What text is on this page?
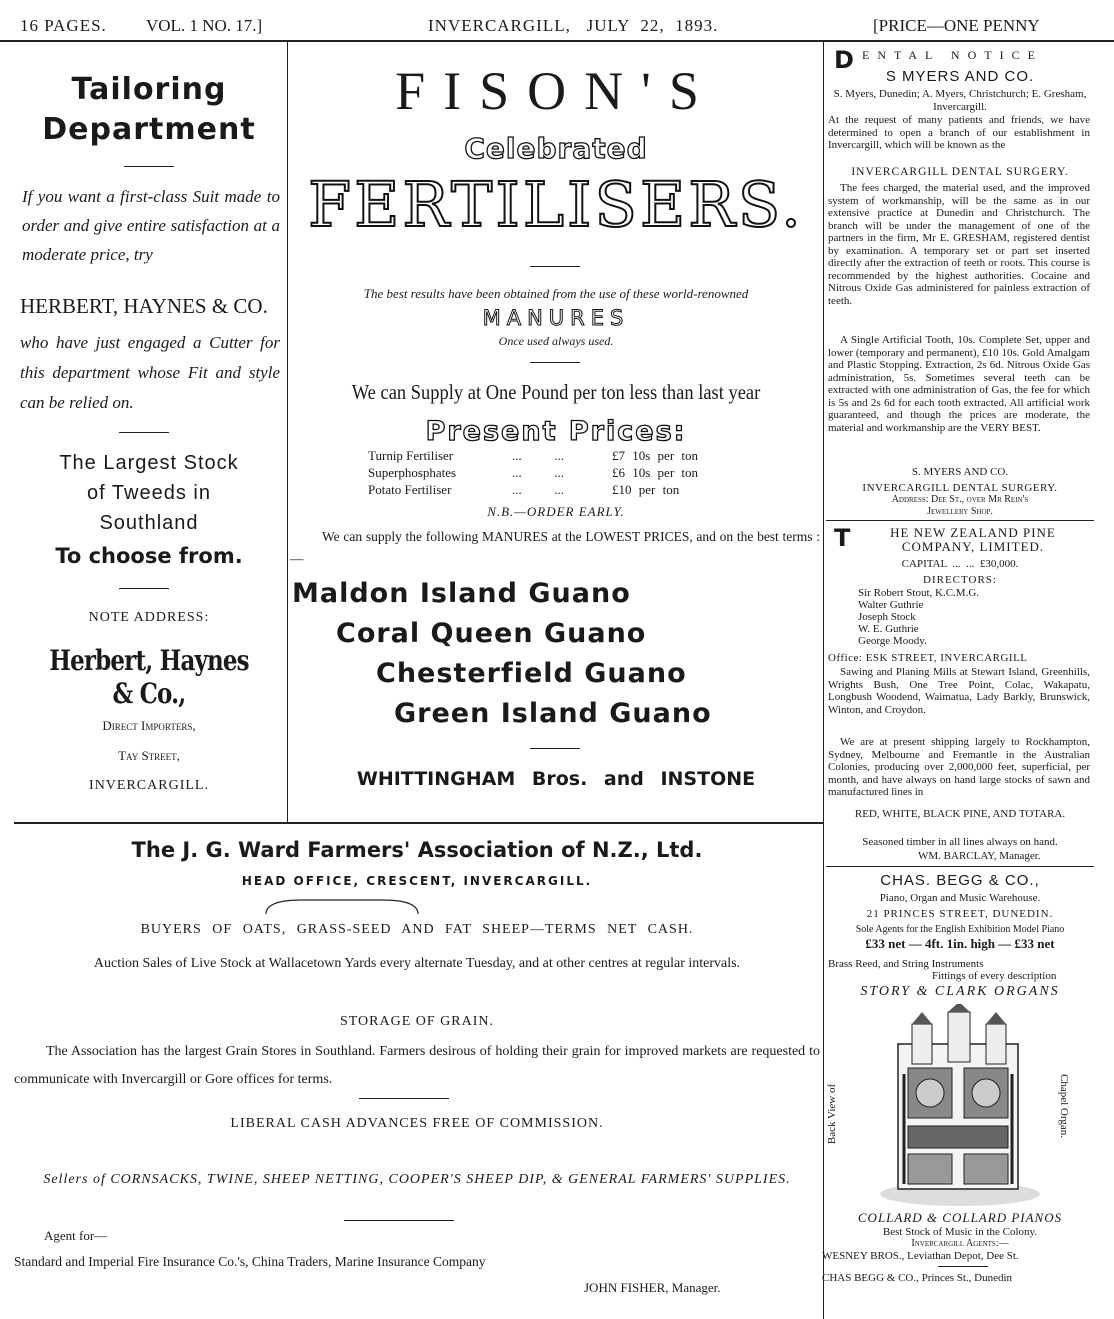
16 PAGES. VOL. 1 NO. 17.]	INVERCARGILL,   JULY  22,  1893.	[PRICE—ONE PENNY
Tailoring
Department
If you want a first-class Suit made to order and give entire satisfaction at a moderate price, try
HERBERT, HAYNES & CO.
who have just engaged a Cutter for this department whose Fit and style can be relied on.
The Largest Stock
of Tweeds in
Southland
To choose from.
NOTE ADDRESS:
Herbert, Haynes & Co.,
Direct Importers,
Tay Street,
INVERCARGILL.
FISON'S
Celebrated
FERTILISERS.
The best results have been obtained from the use of these world-renowned
MANURES
Once used always used.
We can Supply at One Pound per ton less than last year
Present Prices:
Turnip Fertiliser	...          ...	£7 10s per ton
Superphosphates	...          ...	£6 10s per ton
Potato Fertiliser	...          ...	£10 per ton
N.B.—ORDER EARLY.
We can supply the following MANURES at the LOWEST PRICES, and on the best terms :—
Maldon Island Guano
Coral Queen Guano
Chesterfield Guano
Green Island Guano
WHITTINGHAM Bros. and INSTONE
The J. G. Ward Farmers' Association of N.Z., Ltd.
HEAD OFFICE, CRESCENT, INVERCARGILL.
BUYERS OF OATS, GRASS-SEED AND FAT SHEEP—TERMS NET CASH.
Auction Sales of Live Stock at Wallacetown Yards every alternate Tuesday, and at other centres at regular intervals.
STORAGE OF GRAIN.
The Association has the largest Grain Stores in Southland. Farmers desirous of holding their grain for improved markets are requested to communicate with Invercargill or Gore offices for terms.
LIBERAL CASH ADVANCES FREE OF COMMISSION.
Sellers of CORNSACKS, TWINE, SHEEP NETTING, COOPER'S SHEEP DIP, & GENERAL FARMERS' SUPPLIES.
Agent for—
Standard and Imperial Fire Insurance Co.'s, China Traders, Marine Insurance Company
JOHN FISHER, Manager.
D ENTAL NOTICE
S MYERS AND CO.
S. Myers, Dunedin; A. Myers, Christchurch; E. Gresham, Invercargill.
At the request of many patients and friends, we have determined to open a branch of our establishment in Invercargill, which will be known as the
INVERCARGILL DENTAL SURGERY.
The fees charged, the material used, and the improved system of workmanship, will be the same as in our extensive practice at Dunedin and Christchurch. The branch will be under the management of one of the partners in the firm, Mr E. GRESHAM, registered dentist by examination. A temporary set or part set inserted directly after the extraction of teeth or roots. This course is recommended by the highest authorities. Cocaine and Nitrous Oxide Gas administered for painless extraction of teeth.
A Single Artificial Tooth, 10s. Complete Set, upper and lower (temporary and permanent), £10 10s. Gold Amalgam and Plastic Stopping. Extraction, 2s 6d. Nitrous Oxide Gas administration, 5s. Sometimes several teeth can be extracted with one administration of Gas, the fee for which is 5s and 2s 6d for each tooth extracted. All artificial work guaranteed, and though the prices are moderate, the material and workmanship are the VERY BEST.
S. MYERS AND CO.
INVERCARGILL DENTAL SURGERY.
Address: Dee St., over Mr Rein's
Jewellery Shop.
T	HE NEW ZEALAND PINE COMPANY, LIMITED.
CAPITAL  ...  ...  £30,000.
DIRECTORS:
Sir Robert Stout, K.C.M.G.
Walter Guthrie
Joseph Stock
W. E. Guthrie
George Moody.
Office: ESK STREET, INVERCARGILL
Sawing and Planing Mills at Stewart Island, Greenhills, Wrights Bush, One Tree Point, Colac, Wakapatu, Longbush Woodend, Waimatua, Lady Barkly, Brunswick, Winton, and Croydon.
We are at present shipping largely to Rockhampton, Sydney, Melbourne and Fremantle in the Australian Colonies, producing over 2,000,000 feet, superficial, per month, and have always on hand large stocks of sawn and manufactured lines in
RED, WHITE, BLACK PINE, AND TOTARA.
Seasoned timber in all lines always on hand.
WM. BARCLAY, Manager.
CHAS. BEGG & CO.,
Piano, Organ and Music Warehouse.
21 PRINCES STREET, DUNEDIN.
Sole Agents for the English Exhibition Model Piano
£33 net — 4ft. 1in. high — £33 net
Brass Reed, and String Instruments
Fittings of every description
STORY & CLARK ORGANS
Back View of	Chapel Organ.
COLLARD & COLLARD PIANOS
Best Stock of Music in the Colony.
Invercargill Agents:—
WESNEY BROS., Leviathan Depot, Dee St.
CHAS BEGG & CO., Princes St., Dunedin
